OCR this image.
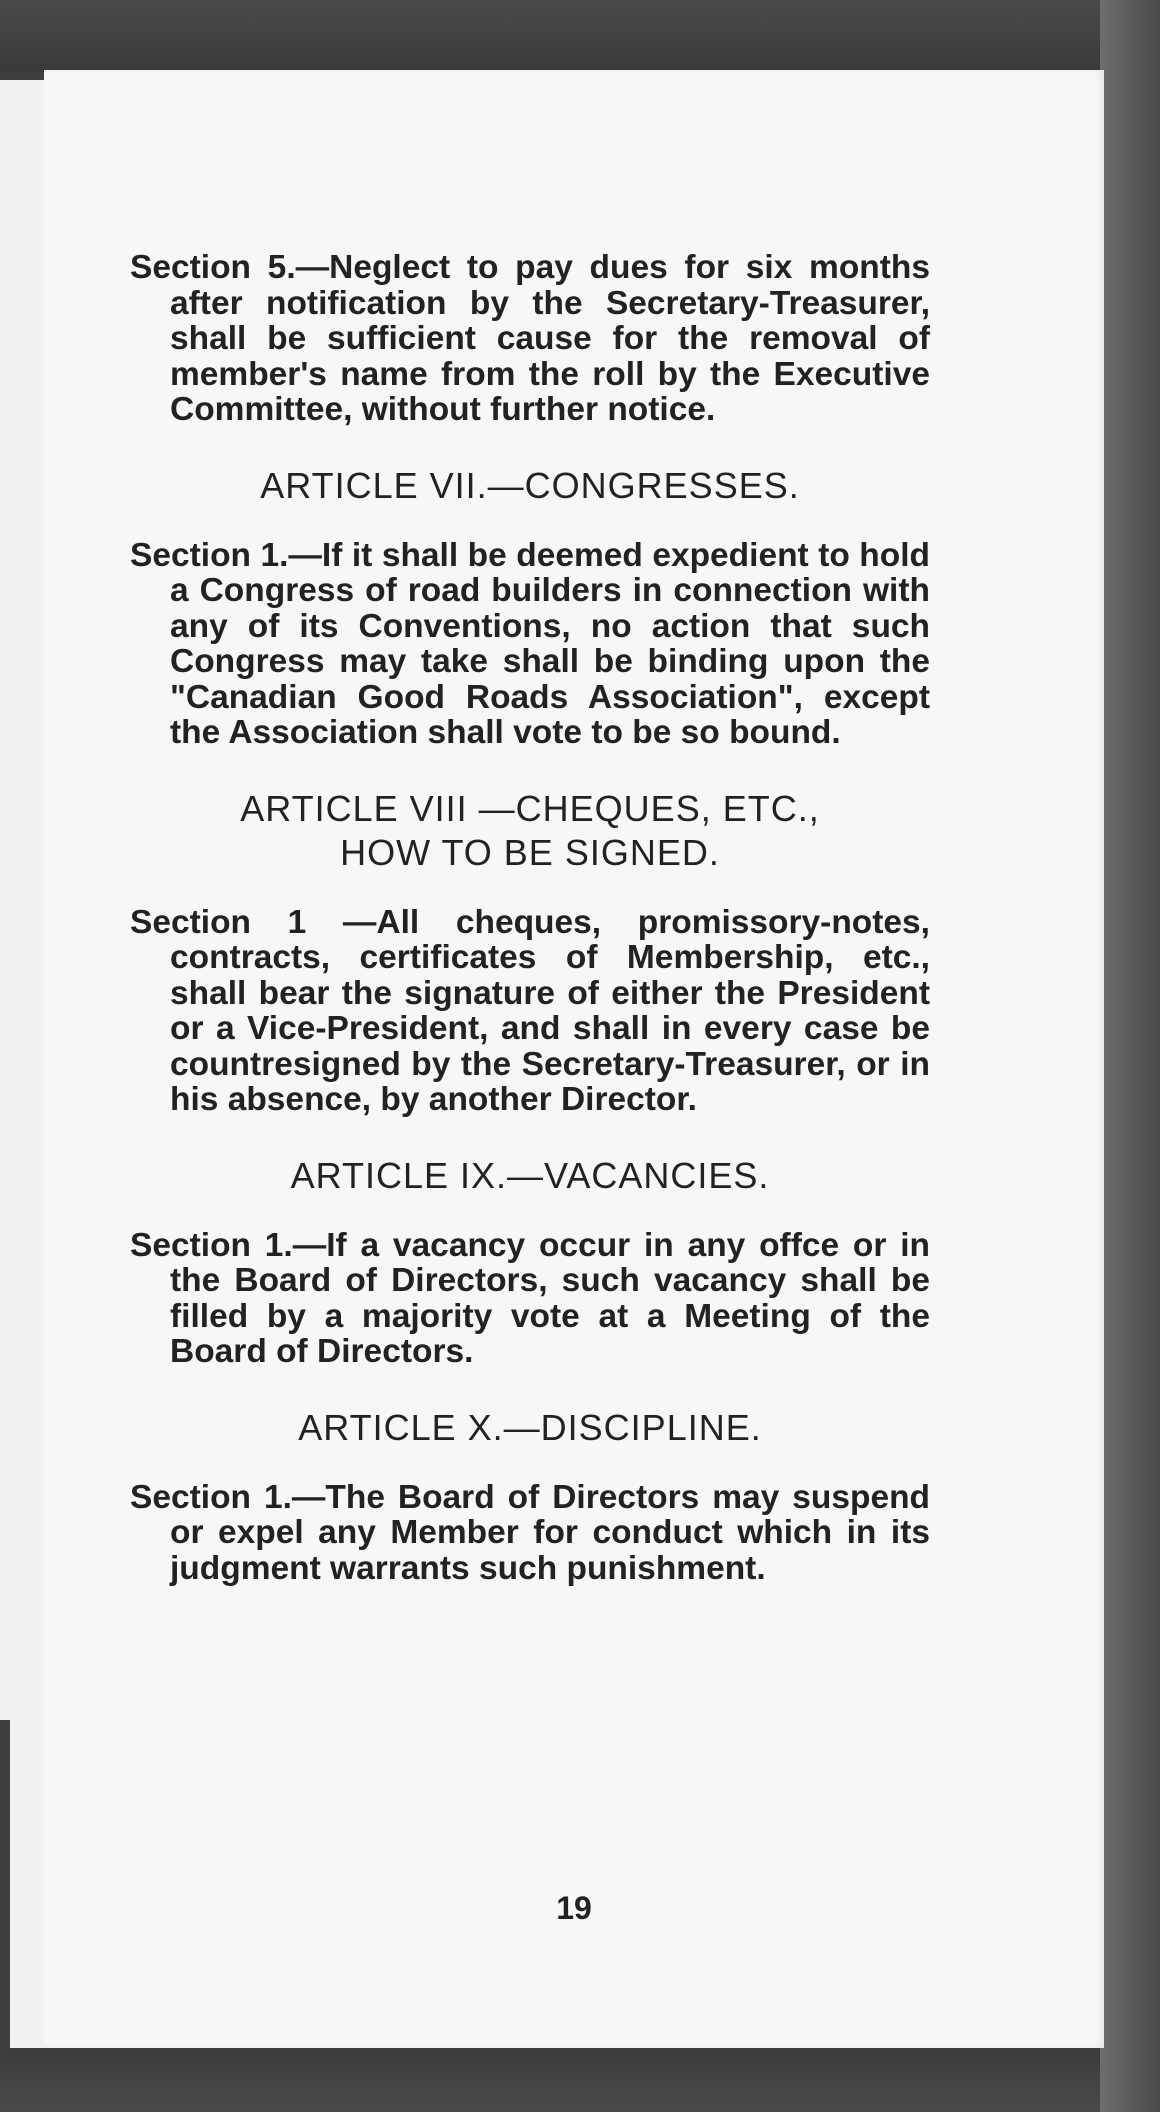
Section 5.—Neglect to pay dues for six months after notification by the Secretary-Treasurer, shall be sufficient cause for the removal of member's name from the roll by the Executive Committee, without further notice.

ARTICLE VII.—CONGRESSES.

Section 1.—If it shall be deemed expedient to hold a Congress of road builders in connection with any of its Conventions, no action that such Congress may take shall be binding upon the "Canadian Good Roads Association", except the Association shall vote to be so bound.

ARTICLE VIII —CHEQUES, ETC.,

HOW TO BE SIGNED.

Section 1 —All cheques, promissory-notes, contracts, certificates of Membership, etc., shall bear the signature of either the President or a Vice-President, and shall in every case be countresigned by the Secretary-Treasurer, or in his absence, by another Director.

ARTICLE IX.—VACANCIES.

Section 1.—If a vacancy occur in any offce or in the Board of Directors, such vacancy shall be filled by a majority vote at a Meeting of the Board of Directors.

ARTICLE X.—DISCIPLINE.

Section 1.—The Board of Directors may suspend or expel any Member for conduct which in its judgment warrants such punishment.

19
